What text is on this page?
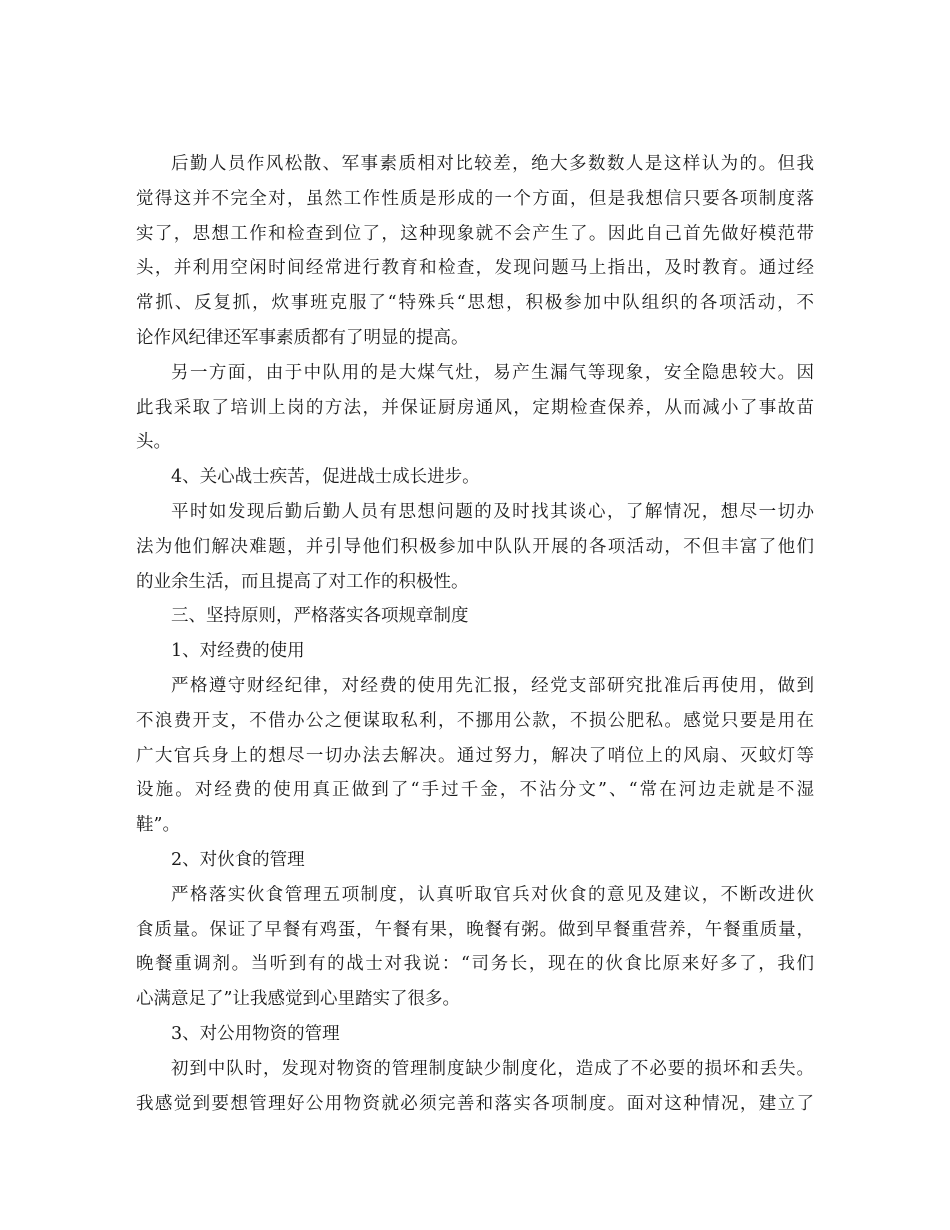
后勤人员作风松散、军事素质相对比较差，绝大多数数人是这样认为的。但我
觉得这并不完全对，虽然工作性质是形成的一个方面，但是我想信只要各项制度落
实了，思想工作和检查到位了，这种现象就不会产生了。因此自己首先做好模范带
头，并利用空闲时间经常进行教育和检查，发现问题马上指出，及时教育。通过经
常抓、反复抓，炊事班克服了“特殊兵“思想，积极参加中队组织的各项活动，不
论作风纪律还军事素质都有了明显的提高。

另一方面，由于中队用的是大煤气灶，易产生漏气等现象，安全隐患较大。因
此我采取了培训上岗的方法，并保证厨房通风，定期检查保养，从而减小了事故苗
头。

4、关心战士疾苦，促进战士成长进步。

平时如发现后勤后勤人员有思想问题的及时找其谈心，了解情况，想尽一切办
法为他们解决难题，并引导他们积极参加中队队开展的各项活动，不但丰富了他们
的业余生活，而且提高了对工作的积极性。

三、坚持原则，严格落实各项规章制度

1、对经费的使用

严格遵守财经纪律，对经费的使用先汇报，经党支部研究批准后再使用，做到
不浪费开支，不借办公之便谋取私利，不挪用公款，不损公肥私。感觉只要是用在
广大官兵身上的想尽一切办法去解决。通过努力，解决了哨位上的风扇、灭蚊灯等
设施。对经费的使用真正做到了“手过千金，不沾分文”、“常在河边走就是不湿
鞋”。

2、对伙食的管理

严格落实伙食管理五项制度，认真听取官兵对伙食的意见及建议，不断改进伙
食质量。保证了早餐有鸡蛋，午餐有果，晚餐有粥。做到早餐重营养，午餐重质量，
晚餐重调剂。当听到有的战士对我说：“司务长，现在的伙食比原来好多了，我们
心满意足了”让我感觉到心里踏实了很多。

3、对公用物资的管理

初到中队时，发现对物资的管理制度缺少制度化，造成了不必要的损坏和丢失。
我感觉到要想管理好公用物资就必须完善和落实各项制度。面对这种情况，建立了
